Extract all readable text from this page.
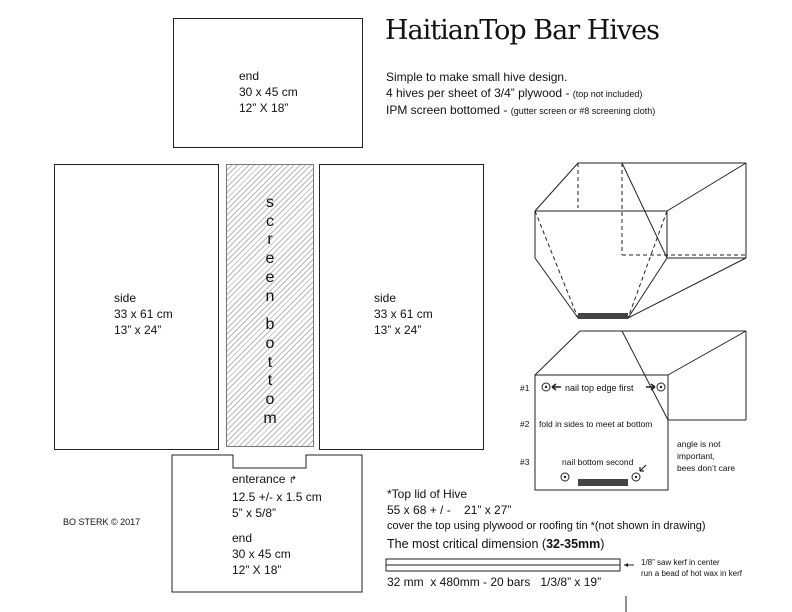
HaitianTop Bar Hives
Simple to make small hive design.
4 hives per sheet of 3/4” plywood - (top not included)
IPM screen bottomed - (gutter screen or #8 screening cloth)
end
30 x 45 cm
12” X 18”
side
33 x 61 cm
13” x 24”
s
c
r
e
e
n
b
o
t
t
o
m
side
33 x 61 cm
13” x 24”
enterance ↱
12.5 +/- x 1.5 cm
5” x 5/8”
end
30 x 45 cm
12” X 18”
BO STERK © 2017
*Top lid of Hive
55 x 68 + / - 21” x 27”
cover the top using plywood or roofing tin *(not shown in drawing)
The most critical dimension (32-35mm)
1/8” saw kerf in center
run a bead of hot wax in kerf
32 mm  x 480mm - 20 bars   1/3/8” x 19”
#1	nail top edge first
#2 fold in sides to meet at bottom
#3	nail bottom second
angle is not
important,
bees don’t care
